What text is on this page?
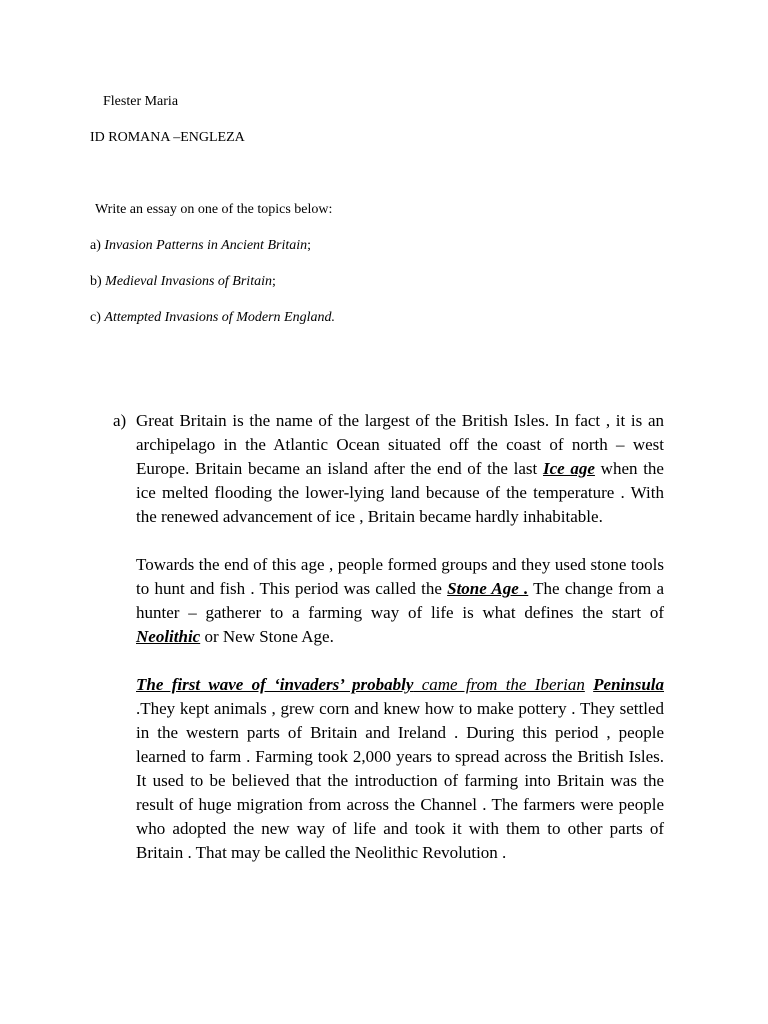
Flester Maria
ID ROMANA –ENGLEZA
Write an essay on one of the topics below:
a) Invasion Patterns in Ancient Britain;
b) Medieval Invasions of Britain;
c) Attempted Invasions of Modern England.
a) Great Britain is the name of the largest of the British Isles. In fact , it is an archipelago in the Atlantic Ocean situated off the coast of north – west Europe. Britain became an island after the end of the last Ice age when the ice melted flooding the lower-lying land because of the temperature . With the renewed advancement of ice , Britain became hardly inhabitable.

Towards the end of this age , people formed groups and they used stone tools to hunt and fish . This period was called the Stone Age . The change from a hunter – gatherer to a farming way of life is what defines the start of Neolithic or New Stone Age.

The first wave of ‘invaders’ probably came from the Iberian Peninsula .They kept animals , grew corn and knew how to make pottery . They settled in the western parts of Britain and Ireland . During this period , people learned to farm . Farming took 2,000 years to spread across the British Isles. It used to be believed that the introduction of farming into Britain was the result of huge migration from across the Channel . The farmers were people who adopted the new way of life and took it with them to other parts of Britain . That may be called the Neolithic Revolution .
